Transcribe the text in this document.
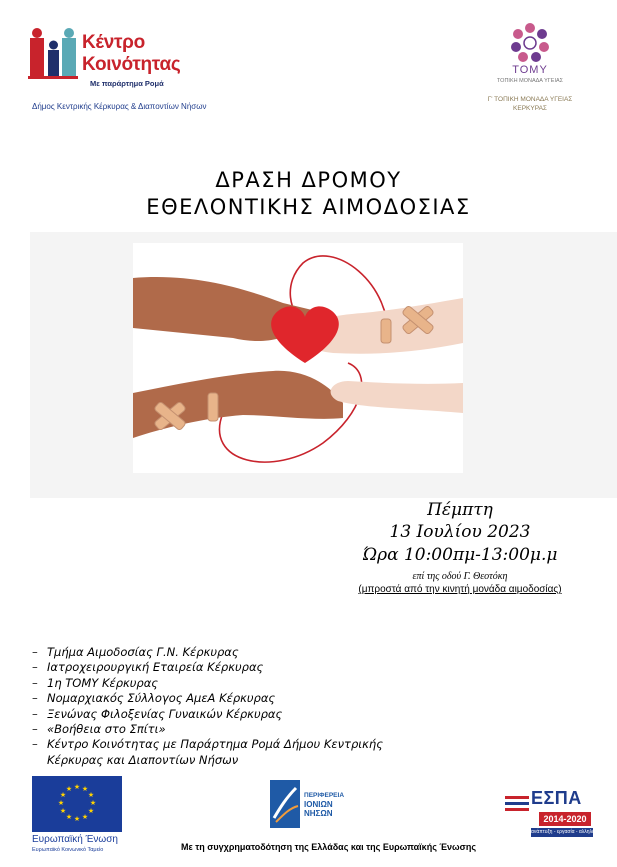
Κέντρο
Κοινότητας
Με παράρτημα Ρομά
Δήμος Κεντρικής Κέρκυρας & Διαποντίων Νήσων
ΤΟΜΥ
ΤΟΠΙΚΗ ΜΟΝΑΔΑ ΥΓΕΙΑΣ
Γ' ΤΟΠΙΚΗ ΜΟΝΑΔΑ ΥΓΕΙΑΣ
ΚΕΡΚΥΡΑΣ
ΔΡΑΣΗ ΔΡΟΜΟΥ
ΕΘΕΛΟΝΤΙΚΗΣ ΑΙΜΟΔΟΣΙΑΣ
Πέμπτη
13 Ιουλίου 2023
Ώρα 10:00πμ-13:00μ.μ
επί της οδού Γ. Θεοτόκη
(μπροστά από την κινητή μονάδα αιμοδοσίας)
– Τμήμα Αιμοδοσίας Γ.Ν. Κέρκυρας
– Ιατροχειρουργική Εταιρεία Κέρκυρας
– 1η ΤΟΜΥ Κέρκυρας
– Νομαρχιακός Σύλλογος ΑμεΑ Κέρκυρας
– Ξενώνας Φιλοξενίας Γυναικών Κέρκυρας
– «Βοήθεια στο Σπίτι»
– Κέντρο Κοινότητας με Παράρτημα Ρομά Δήμου Κεντρικής
Κέρκυρας και Διαποντίων Νήσων
★ ★
★
★
★
★
★
★
★
★
★
★
Ευρωπαϊκή Ένωση
Ευρωπαϊκό Κοινωνικό Ταμείο
ΠΕΡΙΦΕΡΕΙΑ
ΙΟΝΙΩΝ
ΝΗΣΩΝ
ΕΣΠΑ
2014-2020
ανάπτυξη - εργασία - αλληλεγγύη
Με τη συγχρηματοδότηση της Ελλάδας και της Ευρωπαϊκής Ένωσης
